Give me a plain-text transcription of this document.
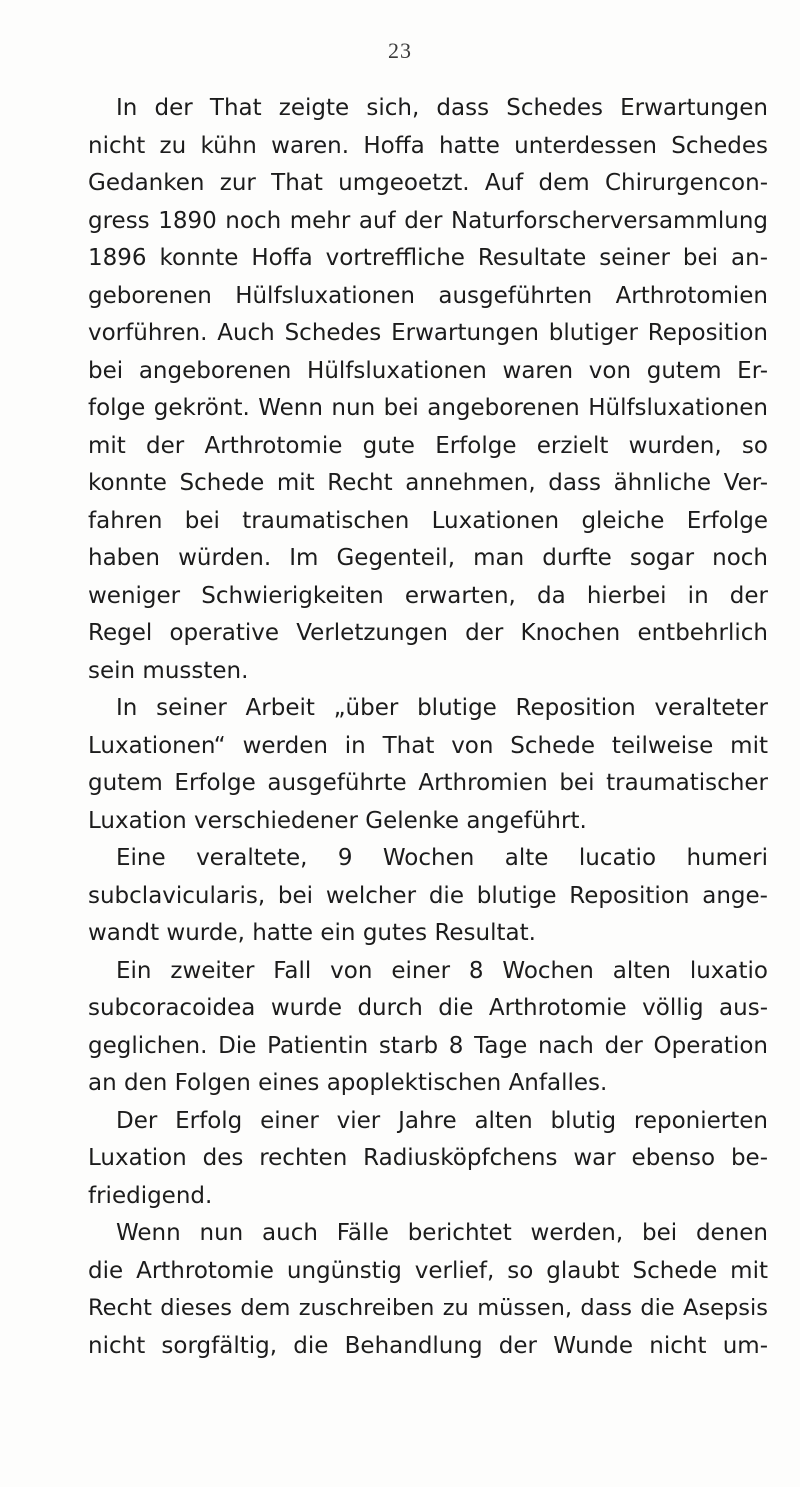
23
In der That zeigte sich, dass Schedes Erwartungen
nicht zu kühn waren. Hoffa hatte unterdessen Schedes
Gedanken zur That umgeoetzt. Auf dem Chirurgencon-
gress 1890 noch mehr auf der Naturforscherversammlung
1896 konnte Hoffa vortreffliche Resultate seiner bei an-
geborenen Hülfsluxationen ausgeführten Arthrotomien
vorführen. Auch Schedes Erwartungen blutiger Reposition
bei angeborenen Hülfsluxationen waren von gutem Er-
folge gekrönt. Wenn nun bei angeborenen Hülfsluxationen
mit der Arthrotomie gute Erfolge erzielt wurden, so
konnte Schede mit Recht annehmen, dass ähnliche Ver-
fahren bei traumatischen Luxationen gleiche Erfolge
haben würden. Im Gegenteil, man durfte sogar noch
weniger Schwierigkeiten erwarten, da hierbei in der
Regel operative Verletzungen der Knochen entbehrlich
sein mussten.
In seiner Arbeit „über blutige Reposition veralteter
Luxationen“ werden in That von Schede teilweise mit
gutem Erfolge ausgeführte Arthromien bei traumatischer
Luxation verschiedener Gelenke angeführt.
Eine veraltete, 9 Wochen alte lucatio humeri
subclavicularis, bei welcher die blutige Reposition ange-
wandt wurde, hatte ein gutes Resultat.
Ein zweiter Fall von einer 8 Wochen alten luxatio
subcoracoidea wurde durch die Arthrotomie völlig aus-
geglichen. Die Patientin starb 8 Tage nach der Operation
an den Folgen eines apoplektischen Anfalles.
Der Erfolg einer vier Jahre alten blutig reponierten
Luxation des rechten Radiusköpfchens war ebenso be-
friedigend.
Wenn nun auch Fälle berichtet werden, bei denen
die Arthrotomie ungünstig verlief, so glaubt Schede mit
Recht dieses dem zuschreiben zu müssen, dass die Asepsis
nicht sorgfältig, die Behandlung der Wunde nicht um-
